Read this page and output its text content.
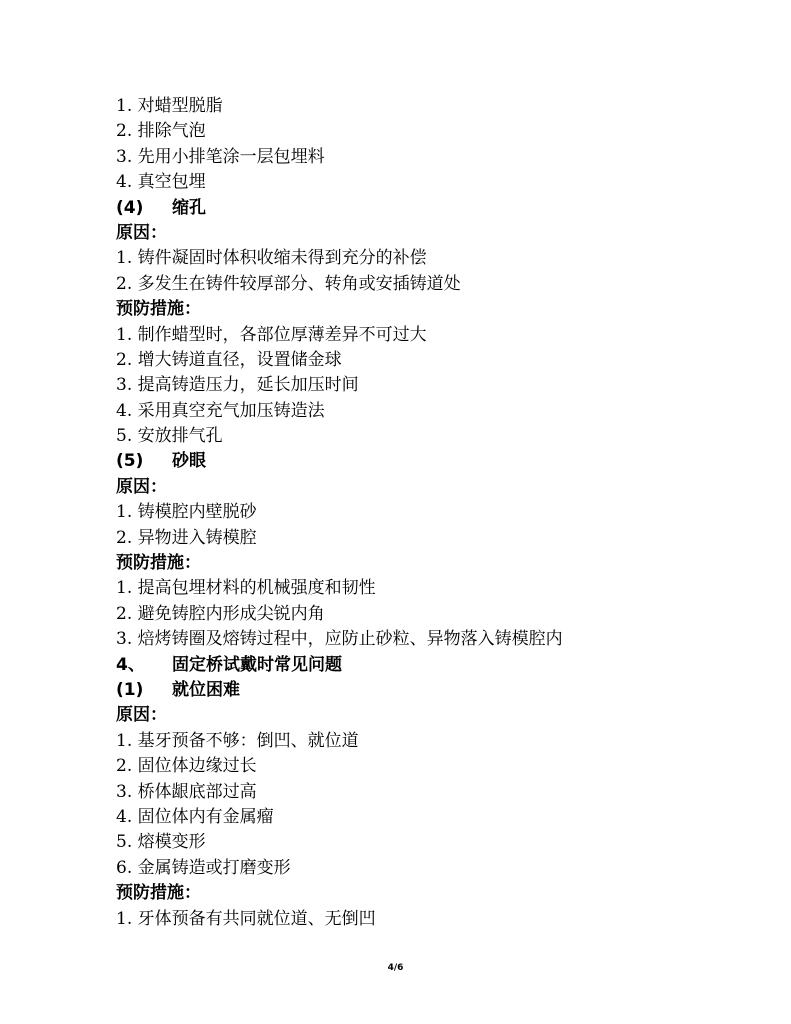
1. 对蜡型脱脂
2. 排除气泡
3. 先用小排笔涂一层包埋料
4. 真空包埋
(4) 缩孔
原因：
1. 铸件凝固时体积收缩未得到充分的补偿
2. 多发生在铸件较厚部分、转角或安插铸道处
预防措施：
1. 制作蜡型时，各部位厚薄差异不可过大
2. 增大铸道直径，设置储金球
3. 提高铸造压力，延长加压时间
4. 采用真空充气加压铸造法
5. 安放排气孔
(5) 砂眼
原因：
1. 铸模腔内壁脱砂
2. 异物进入铸模腔
预防措施：
1. 提高包埋材料的机械强度和韧性
2. 避免铸腔内形成尖锐内角
3. 焙烤铸圈及熔铸过程中，应防止砂粒、异物落入铸模腔内
4、 固定桥试戴时常见问题
(1) 就位困难
原因：
1. 基牙预备不够：倒凹、就位道
2. 固位体边缘过长
3. 桥体龈底部过高
4. 固位体内有金属瘤
5. 熔模变形
6. 金属铸造或打磨变形
预防措施：
1. 牙体预备有共同就位道、无倒凹
4/6
